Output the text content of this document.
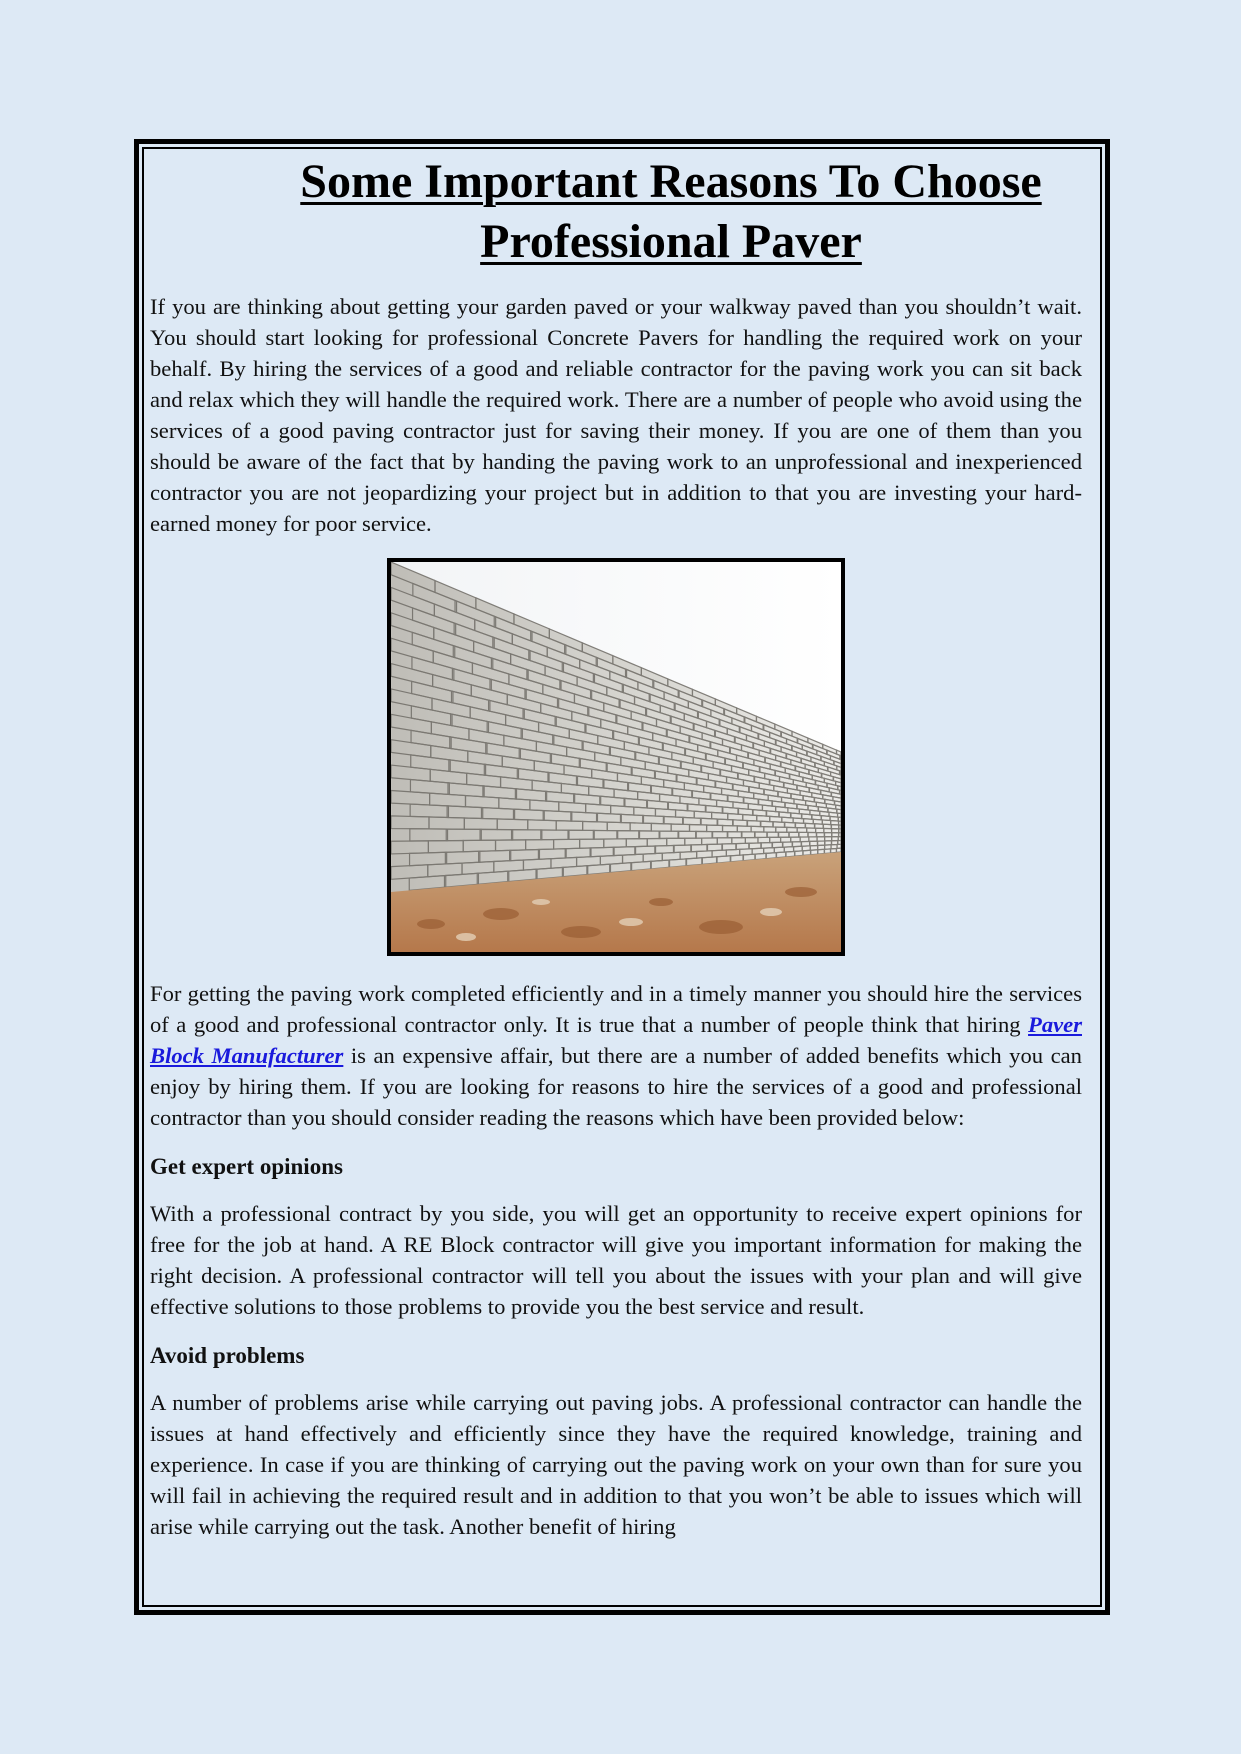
Some Important Reasons To Choose
Professional Paver

If you are thinking about getting your garden paved or your walkway paved than you shouldn’t wait. You should start looking for professional Concrete Pavers for handling the required work on your behalf. By hiring the services of a good and reliable contractor for the paving work you can sit back and relax which they will handle the required work. There are a number of people who avoid using the services of a good paving contractor just for saving their money. If you are one of them than you should be aware of the fact that by handing the paving work to an unprofessional and inexperienced contractor you are not jeopardizing your project but in addition to that you are investing your hard-earned money for poor service.

For getting the paving work completed efficiently and in a timely manner you should hire the services of a good and professional contractor only. It is true that a number of people think that hiring Paver Block Manufacturer is an expensive affair, but there are a number of added benefits which you can enjoy by hiring them. If you are looking for reasons to hire the services of a good and professional contractor than you should consider reading the reasons which have been provided below:

Get expert opinions

With a professional contract by you side, you will get an opportunity to receive expert opinions for free for the job at hand. A RE Block contractor will give you important information for making the right decision. A professional contractor will tell you about the issues with your plan and will give effective solutions to those problems to provide you the best service and result.

Avoid problems

A number of problems arise while carrying out paving jobs. A professional contractor can handle the issues at hand effectively and efficiently since they have the required knowledge, training and experience. In case if you are thinking of carrying out the paving work on your own than for sure you will fail in achieving the required result and in addition to that you won’t be able to issues which will arise while carrying out the task. Another benefit of hiring
